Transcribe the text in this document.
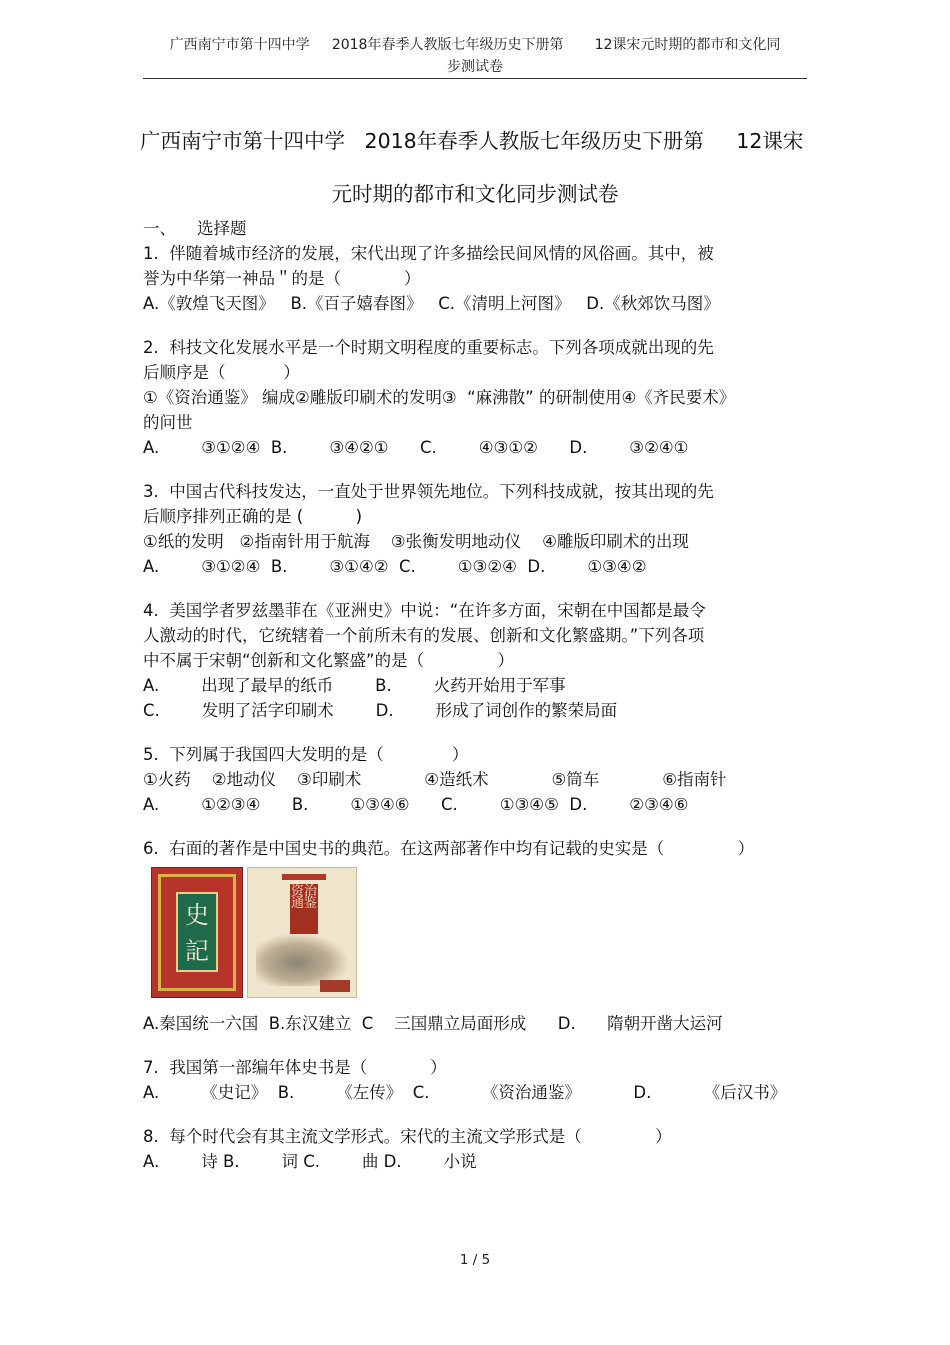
广西南宁市第十四中学     2018年春季人教版七年级历史下册第       12课宋元时期的都市和文化同
步测试卷
广西南宁市第十四中学   2018年春季人教版七年级历史下册第     12课宋
元时期的都市和文化同步测试卷
一、    选择题
1.  伴随着城市经济的发展，宋代出现了许多描绘民间风情的风俗画。其中，被
誉为中华第一神品＂的是（            ）
A.《敦煌飞天图》   B.《百子嬉春图》   C.《清明上河图》   D.《秋郊饮马图》
2.  科技文化发展水平是一个时期文明程度的重要标志。下列各项成就出现的先
后顺序是（           ）
①《资治通鉴》 编成②雕版印刷术的发明③  “麻沸散” 的研制使用④《齐民要术》
的问世
A.        ③①②④  B.        ③④②①      C.        ④③①②      D.        ③②④①
3.  中国古代科技发达，一直处于世界领先地位。下列科技成就，按其出现的先
后顺序排列正确的是 (          )
①纸的发明   ②指南针用于航海    ③张衡发明地动仪    ④雕版印刷术的出现
A.        ③①②④  B.        ③①④②  C.        ①③②④  D.        ①③④②
4.  美国学者罗兹墨菲在《亚洲史》中说：“在许多方面，宋朝在中国都是最令
人激动的时代，它统辖着一个前所未有的发展、创新和文化繁盛期。”下列各项
中不属于宋朝“创新和文化繁盛”的是（              ）
A.        出现了最早的纸币        B.        火药开始用于军事
C.        发明了活字印刷术        D.        形成了词创作的繁荣局面
5.  下列属于我国四大发明的是（             ）
①火药    ②地动仪    ③印刷术            ④造纸术            ⑤筒车            ⑥指南针
A.        ①②③④      B.        ①③④⑥      C.        ①③④⑤  D.        ②③④⑥
6.  右面的著作是中国史书的典范。在这两部著作中均有记载的史实是（              ）
史記
资治通鉴
A.秦国统一六国  B.东汉建立  C    三国鼎立局面形成      D.      隋朝开凿大运河
7.  我国第一部编年体史书是（            ）
A.        《史记》  B.        《左传》  C.          《资治通鉴》          D.          《后汉书》
8.  每个时代会有其主流文学形式。宋代的主流文学形式是（              ）
A.        诗 B.        词 C.        曲 D.        小说
1 / 5
